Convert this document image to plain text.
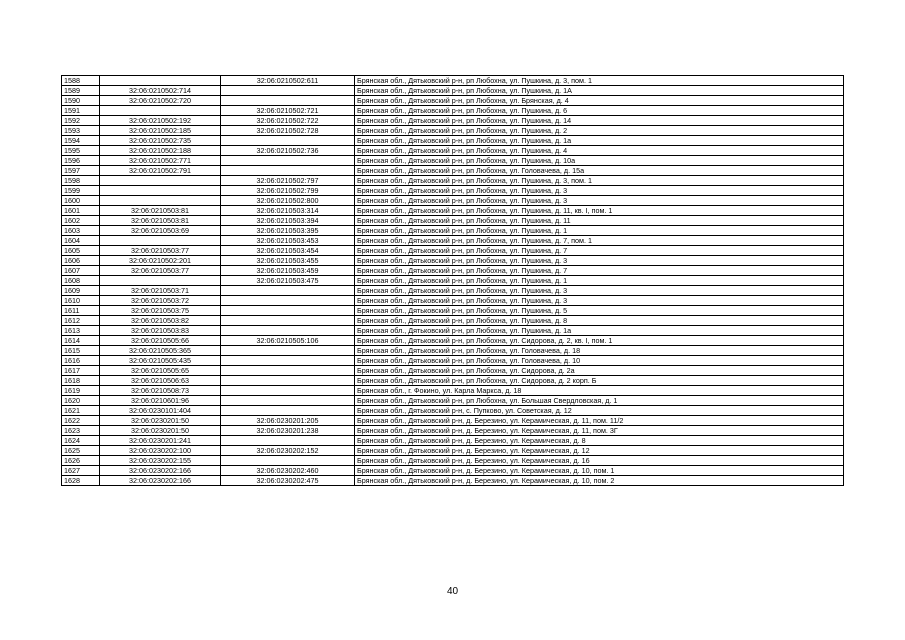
1588		32:06:0210502:611	Брянская обл., Дятьковский р-н, рп Любохна, ул. Пушкина, д. 3, пом. 1
1589	32:06:0210502:714		Брянская обл., Дятьковский р-н, рп Любохна, ул. Пушкина, д. 1А
1590	32:06:0210502:720		Брянская обл., Дятьковский р-н, рп Любохна, ул. Брянская, д. 4
1591		32:06:0210502:721	Брянская обл., Дятьковский р-н, рп Любохна, ул. Пушкина, д. 6
1592	32:06:0210502:192	32:06:0210502:722	Брянская обл., Дятьковский р-н, рп Любохна, ул. Пушкина, д. 14
1593	32:06:0210502:185	32:06:0210502:728	Брянская обл., Дятьковский р-н, рп Любохна, ул. Пушкина, д. 2
1594	32:06:0210502:735		Брянская обл., Дятьковский р-н, рп Любохна, ул. Пушкина, д. 1а
1595	32:06:0210502:188	32:06:0210502:736	Брянская обл., Дятьковский р-н, рп Любохна, ул. Пушкина, д. 4
1596	32:06:0210502:771		Брянская обл., Дятьковский р-н, рп Любохна, ул. Пушкина, д. 10а
1597	32:06:0210502:791		Брянская обл., Дятьковский р-н, рп Любохна, ул. Головачева, д. 15а
1598		32:06:0210502:797	Брянская обл., Дятьковский р-н, рп Любохна, ул. Пушкина, д. 3, пом. 1
1599		32:06:0210502:799	Брянская обл., Дятьковский р-н, рп Любохна, ул. Пушкина, д. 3
1600		32:06:0210502:800	Брянская обл., Дятьковский р-н, рп Любохна, ул. Пушкина, д. 3
1601	32:06:0210503:81	32:06:0210503:314	Брянская обл., Дятьковский р-н, рп Любохна, ул. Пушкина, д. 11, кв. I, пом. 1
1602	32:06:0210503:81	32:06:0210503:394	Брянская обл., Дятьковский р-н, рп Любохна, ул. Пушкина, д. 11
1603	32:06:0210503:69	32:06:0210503:395	Брянская обл., Дятьковский р-н, рп Любохна, ул. Пушкина, д. 1
1604		32:06:0210503:453	Брянская обл., Дятьковский р-н, рп Любохна, ул. Пушкина, д. 7, пом. 1
1605	32:06:0210503:77	32:06:0210503:454	Брянская обл., Дятьковский р-н, рп Любохна, ул. Пушкина, д. 7
1606	32:06:0210502:201	32:06:0210503:455	Брянская обл., Дятьковский р-н, рп Любохна, ул. Пушкина, д. 3
1607	32:06:0210503:77	32:06:0210503:459	Брянская обл., Дятьковский р-н, рп Любохна, ул. Пушкина, д. 7
1608		32:06:0210503:475	Брянская обл., Дятьковский р-н, рп Любохна, ул. Пушкина, д. 1
1609	32:06:0210503:71		Брянская обл., Дятьковский р-н, рп Любохна, ул. Пушкина, д. 3
1610	32:06:0210503:72		Брянская обл., Дятьковский р-н, рп Любохна, ул. Пушкина, д. 3
1611	32:06:0210503:75		Брянская обл., Дятьковский р-н, рп Любохна, ул. Пушкина, д. 5
1612	32:06:0210503:82		Брянская обл., Дятьковский р-н, рп Любохна, ул. Пушкина, д. 8
1613	32:06:0210503:83		Брянская обл., Дятьковский р-н, рп Любохна, ул. Пушкина, д. 1а
1614	32:06:0210505:66	32:06:0210505:106	Брянская обл., Дятьковский р-н, рп Любохна, ул. Сидорова, д. 2, кв. I, пом. 1
1615	32:06:0210505:365		Брянская обл., Дятьковский р-н, рп Любохна, ул. Головачева, д. 18
1616	32:06:0210505:435		Брянская обл., Дятьковский р-н, рп Любохна, ул. Головачева, д. 10
1617	32:06:0210505:65		Брянская обл., Дятьковский р-н, рп Любохна, ул. Сидорова, д. 2а
1618	32:06:0210506:63		Брянская обл., Дятьковский р-н, рп Любохна, ул. Сидорова, д. 2 корп. Б
1619	32:06:0210508:73		Брянская обл., г. Фокино, ул. Карла Маркса, д. 18
1620	32:06:0210601:96		Брянская обл., Дятьковский р-н, рп Любохна, ул. Большая Свердловская, д. 1
1621	32:06:0230101:404		Брянская обл., Дятьковский р-н, с. Пупково, ул. Советская, д. 12
1622	32:06:0230201:50	32:06:0230201:205	Брянская обл., Дятьковский р-н, д. Березино, ул. Керамическая, д. 11, пом. 11/2
1623	32:06:0230201:50	32:06:0230201:238	Брянская обл., Дятьковский р-н, д. Березино, ул. Керамическая, д. 11, пом. 3Г
1624	32:06:0230201:241		Брянская обл., Дятьковский р-н, д. Березино, ул. Керамическая, д. 8
1625	32:06:0230202:100	32:06:0230202:152	Брянская обл., Дятьковский р-н, д. Березино, ул. Керамическая, д. 12
1626	32:06:0230202:155		Брянская обл., Дятьковский р-н, д. Березино, ул. Керамическая, д. 16
1627	32:06:0230202:166	32:06:0230202:460	Брянская обл., Дятьковский р-н, д. Березино, ул. Керамическая, д. 10, пом. 1
1628	32:06:0230202:166	32:06:0230202:475	Брянская обл., Дятьковский р-н, д. Березино, ул. Керамическая, д. 10, пом. 2
40
